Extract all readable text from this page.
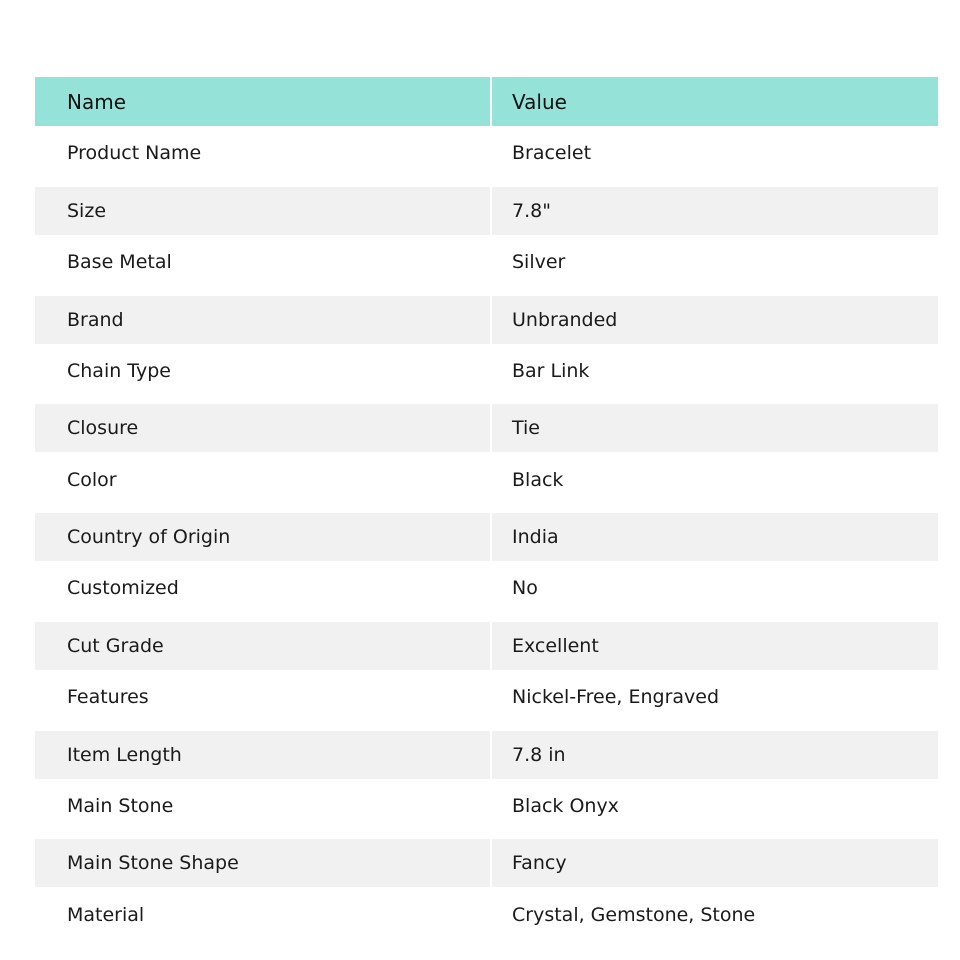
Name	Value
Product Name	Bracelet
Size	7.8"
Base Metal	Silver
Brand	Unbranded
Chain Type	Bar Link
Closure	Tie
Color	Black
Country of Origin	India
Customized	No
Cut Grade	Excellent
Features	Nickel-Free, Engraved
Item Length	7.8 in
Main Stone	Black Onyx
Main Stone Shape	Fancy
Material	Crystal, Gemstone, Stone
